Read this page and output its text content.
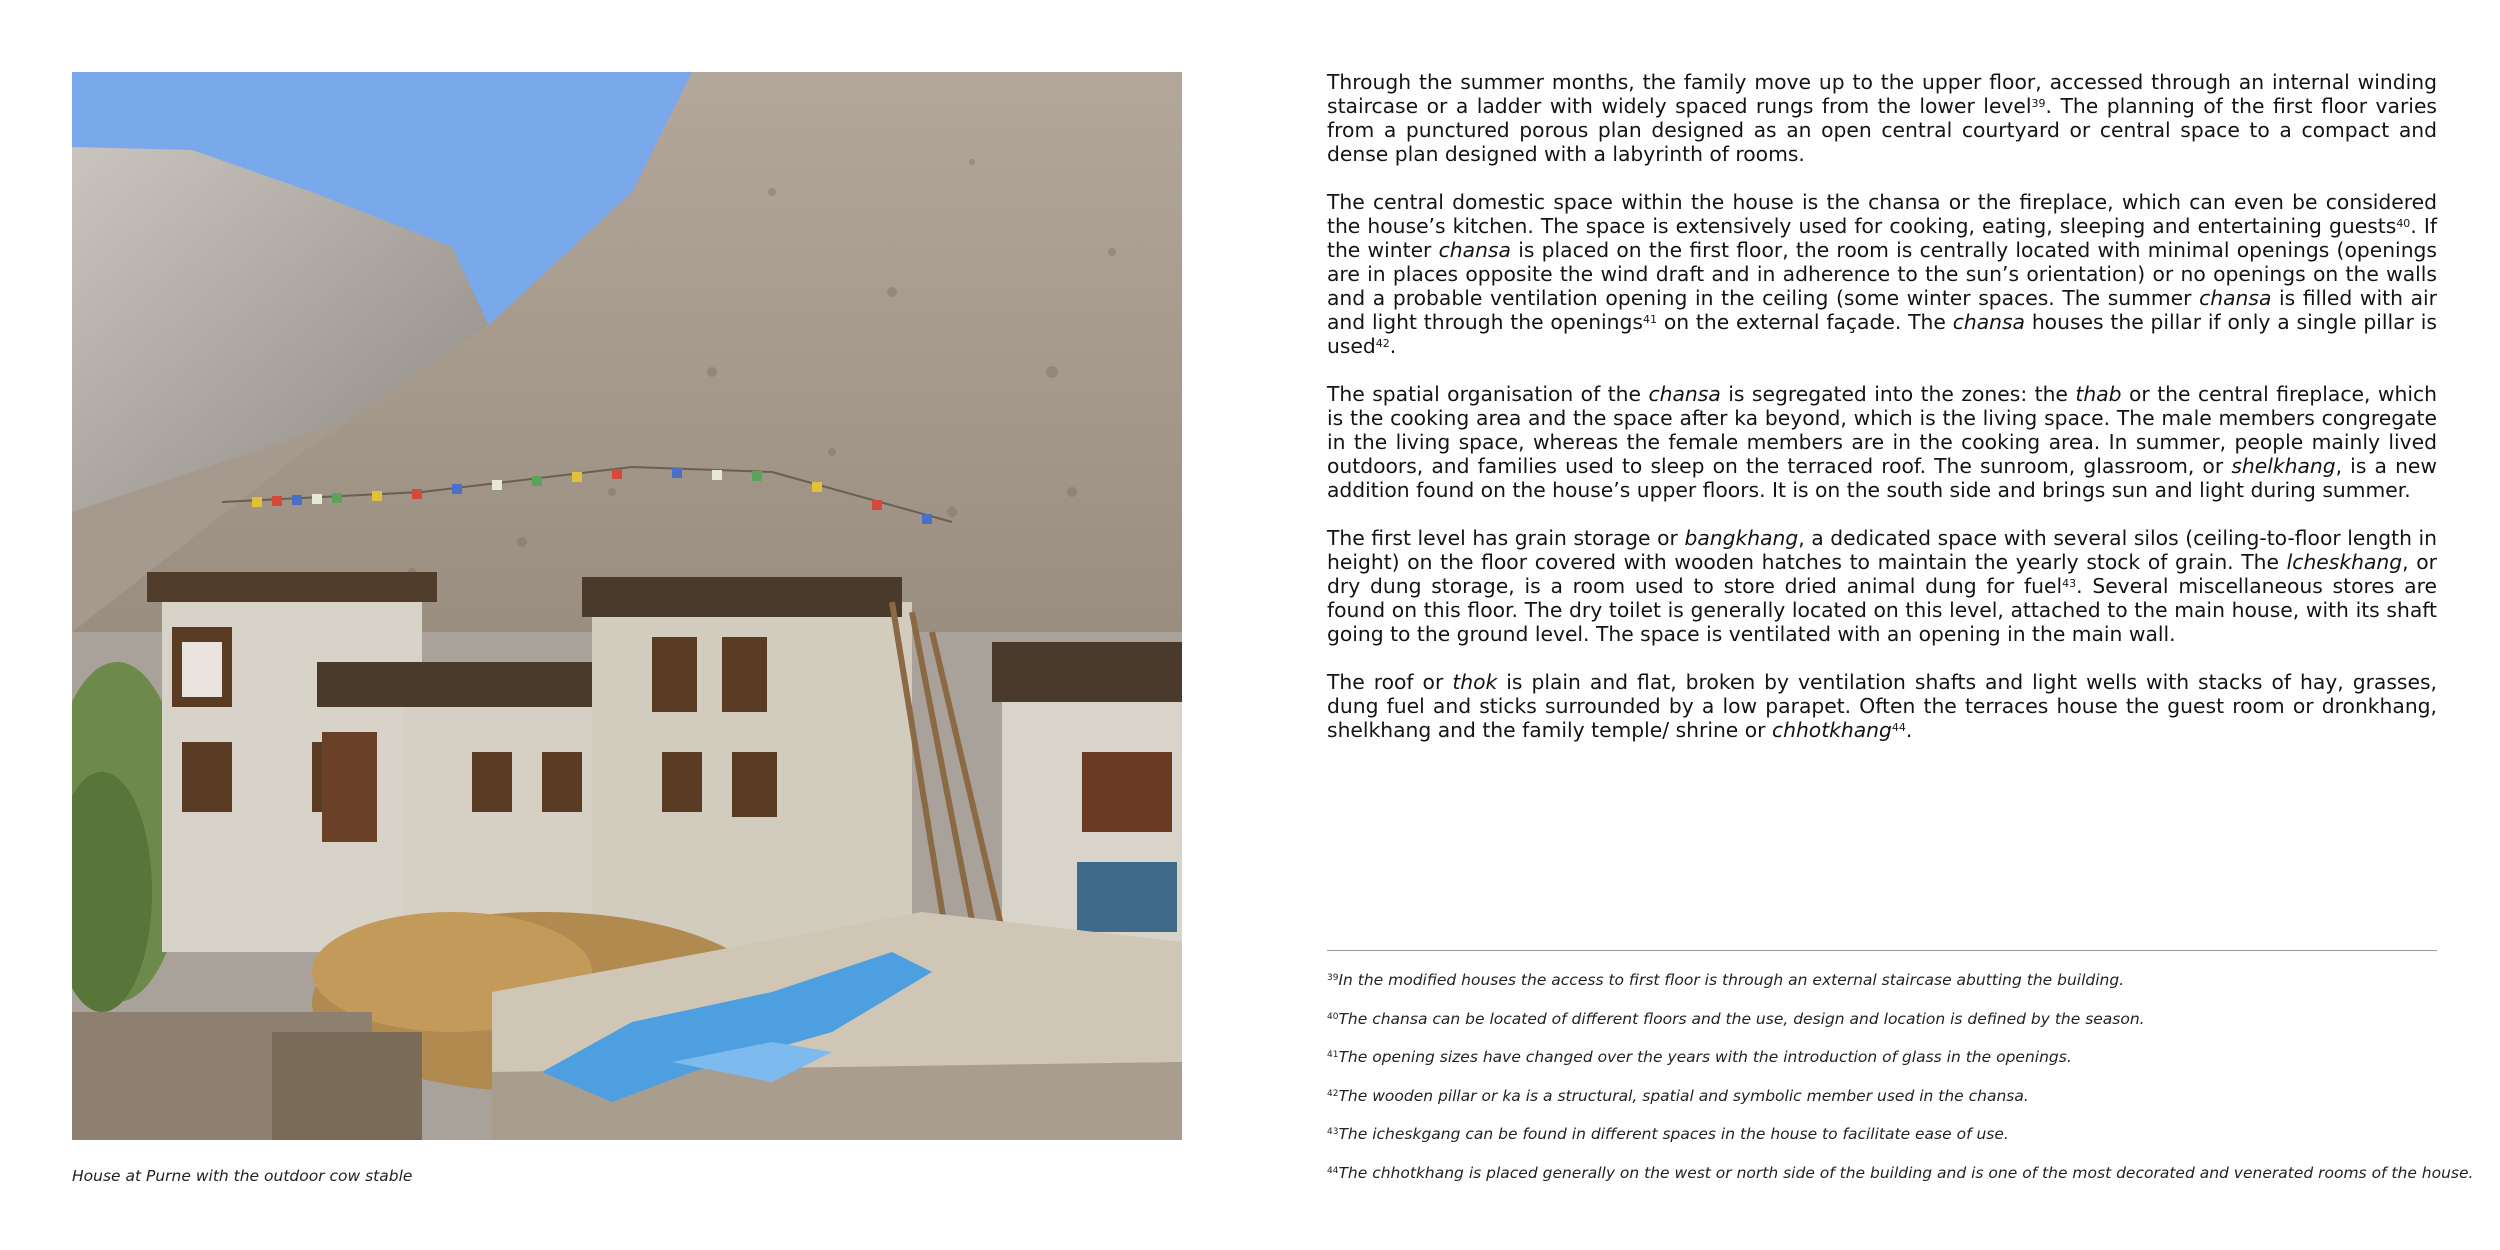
House at Purne with the outdoor cow stable

Through the summer months, the family move up to the upper floor, accessed through an internal winding staircase or a ladder with widely spaced rungs from the lower level$^{39}$. The planning of the first floor varies from a punctured porous plan designed as an open central courtyard or central space to a compact and dense plan designed with a labyrinth of rooms.

The central domestic space within the house is the chansa or the fireplace, which can even be considered the house’s kitchen. The space is extensively used for cooking, eating, sleeping and entertaining guests$^{40}$. If the winter chansa is placed on the first floor, the room is centrally located with minimal openings (openings are in places opposite the wind draft and in adherence to the sun’s orientation) or no openings on the walls and a probable ventilation opening in the ceiling (some winter spaces. The summer chansa is filled with air and light through the openings$^{41}$ on the external façade. The chansa houses the pillar if only a single pillar is used$^{42}$.

The spatial organisation of the chansa is segregated into the zones: the thab or the central fireplace, which is the cooking area and the space after ka beyond, which is the living space. The male members congregate in the living space, whereas the female members are in the cooking area. In summer, people mainly lived outdoors, and families used to sleep on the terraced roof. The sunroom, glassroom, or shelkhang, is a new addition found on the house’s upper floors. It is on the south side and brings sun and light during summer.

The first level has grain storage or bangkhang, a dedicated space with several silos (ceiling-to-floor length in height) on the floor covered with wooden hatches to maintain the yearly stock of grain. The lcheskhang, or dry dung storage, is a room used to store dried animal dung for fuel$^{43}$. Several miscellaneous stores are found on this floor. The dry toilet is generally located on this level, attached to the main house, with its shaft going to the ground level. The space is ventilated with an opening in the main wall.

The roof or thok is plain and flat, broken by ventilation shafts and light wells with stacks of hay, grasses, dung fuel and sticks surrounded by a low parapet. Often the terraces house the guest room or dronkhang, shelkhang and the family temple/ shrine or chhotkhang$^{44}$.

$^{39}$In the modified houses the access to first floor is through an external staircase abutting the building.
$^{40}$The chansa can be located of different floors and the use, design and location is defined by the season.
$^{41}$The opening sizes have changed over the years with the introduction of glass in the openings.
$^{42}$The wooden pillar or ka is a structural, spatial and symbolic member used in the chansa.
$^{43}$The icheskgang can be found in different spaces in the house to facilitate ease of use.
$^{44}$The chhotkhang is placed generally on the west or north side of the building and is one of the most decorated and venerated rooms of the house.
